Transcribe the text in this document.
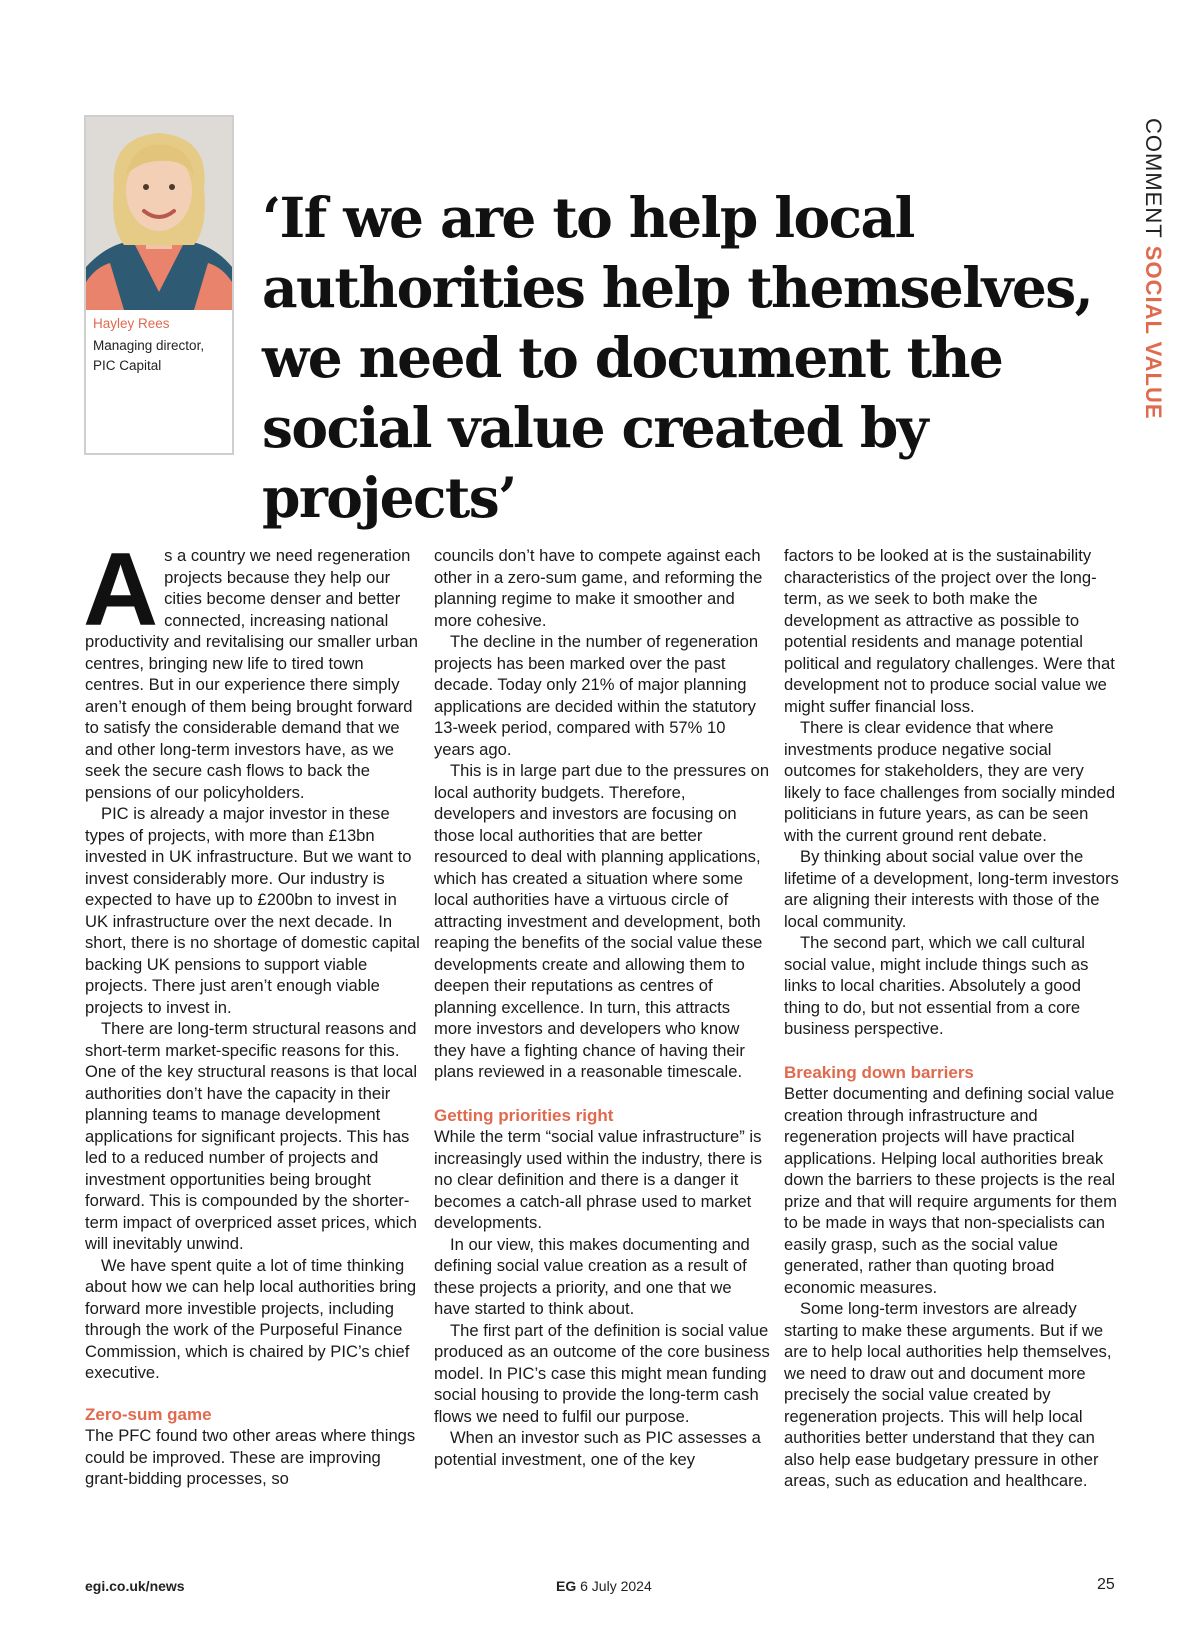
COMMENT SOCIAL VALUE
Hayley Rees
Managing director,
PIC Capital
‘If we are to help local authorities help themselves, we need to document the social value created by projects’

As a country we need regeneration projects because they help our cities become denser and better connected, increasing national productivity and revitalising our smaller urban centres, bringing new life to tired town centres. But in our experience there simply aren’t enough of them being brought forward to satisfy the considerable demand that we and other long-term investors have, as we seek the secure cash flows to back the pensions of our policyholders.

PIC is already a major investor in these types of projects, with more than £13bn invested in UK infrastructure. But we want to invest considerably more. Our industry is expected to have up to £200bn to invest in UK infrastructure over the next decade. In short, there is no shortage of domestic capital backing UK pensions to support viable projects. There just aren’t enough viable projects to invest in.

There are long-term structural reasons and short-term market-specific reasons for this. One of the key structural reasons is that local authorities don’t have the capacity in their planning teams to manage development applications for significant projects. This has led to a reduced number of projects and investment opportunities being brought forward. This is compounded by the shorter-term impact of overpriced asset prices, which will inevitably unwind.

We have spent quite a lot of time thinking about how we can help local authorities bring forward more investible projects, including through the work of the Purposeful Finance Commission, which is chaired by PIC’s chief executive.

Zero-sum game

The PFC found two other areas where things could be improved. These are improving grant-bidding processes, so

councils don’t have to compete against each other in a zero-sum game, and reforming the planning regime to make it smoother and more cohesive.

The decline in the number of regeneration projects has been marked over the past decade. Today only 21% of major planning applications are decided within the statutory 13-week period, compared with 57% 10 years ago.

This is in large part due to the pressures on local authority budgets. Therefore, developers and investors are focusing on those local authorities that are better resourced to deal with planning applications, which has created a situation where some local authorities have a virtuous circle of attracting investment and development, both reaping the benefits of the social value these developments create and allowing them to deepen their reputations as centres of planning excellence. In turn, this attracts more investors and developers who know they have a fighting chance of having their plans reviewed in a reasonable timescale.

Getting priorities right

While the term “social value infrastructure” is increasingly used within the industry, there is no clear definition and there is a danger it becomes a catch-all phrase used to market developments.

In our view, this makes documenting and defining social value creation as a result of these projects a priority, and one that we have started to think about.

The first part of the definition is social value produced as an outcome of the core business model. In PIC’s case this might mean funding social housing to provide the long-term cash flows we need to fulfil our purpose.

When an investor such as PIC assesses a potential investment, one of the key

factors to be looked at is the sustainability characteristics of the project over the long-term, as we seek to both make the development as attractive as possible to potential residents and manage potential political and regulatory challenges. Were that development not to produce social value we might suffer financial loss.

There is clear evidence that where investments produce negative social outcomes for stakeholders, they are very likely to face challenges from socially minded politicians in future years, as can be seen with the current ground rent debate.

By thinking about social value over the lifetime of a development, long-term investors are aligning their interests with those of the local community.

The second part, which we call cultural social value, might include things such as links to local charities. Absolutely a good thing to do, but not essential from a core business perspective.

Breaking down barriers

Better documenting and defining social value creation through infrastructure and regeneration projects will have practical applications. Helping local authorities break down the barriers to these projects is the real prize and that will require arguments for them to be made in ways that non-specialists can easily grasp, such as the social value generated, rather than quoting broad economic measures.

Some long-term investors are already starting to make these arguments. But if we are to help local authorities help themselves, we need to draw out and document more precisely the social value created by regeneration projects. This will help local authorities better understand that they can also help ease budgetary pressure in other areas, such as education and healthcare.

egi.co.uk/news	EG 6 July 2024	25
